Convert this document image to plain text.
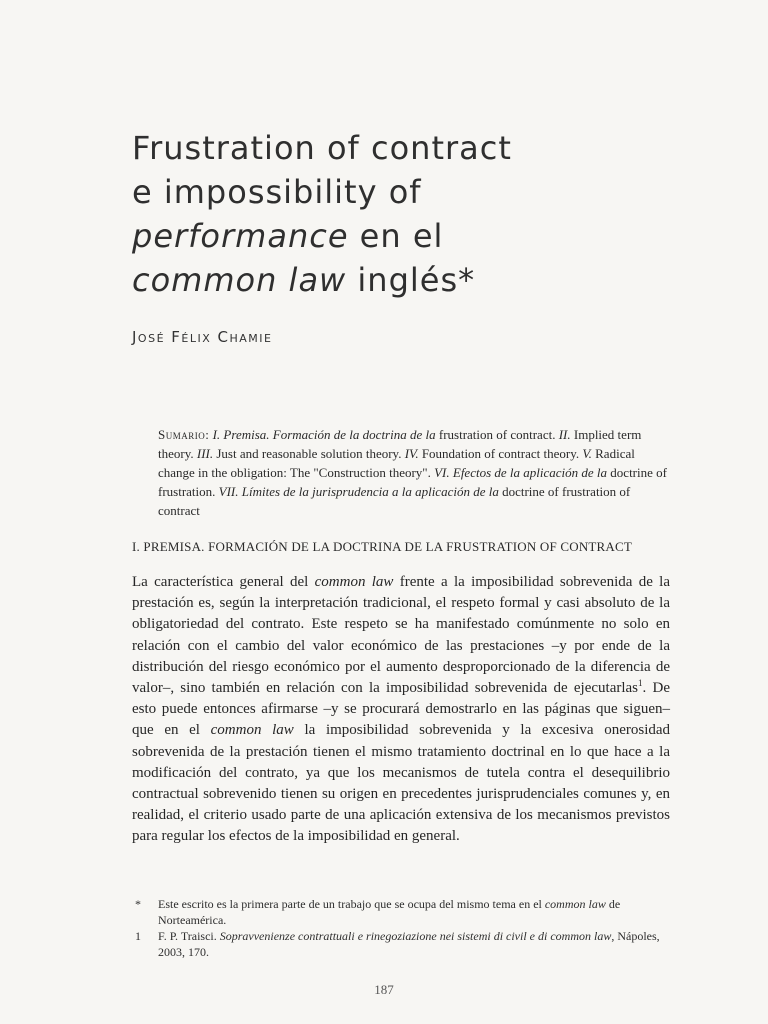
Frustration of contract
e impossibility of
performance en el
common law inglés*
José Félix Chamie

Sumario: I. Premisa. Formación de la doctrina de la frustration of contract. II. Implied term theory. III. Just and reasonable solution theory. IV. Foundation of contract theory. V. Radical change in the obligation: The "Construction theory". VI. Efectos de la aplicación de la doctrine of frustration. VII. Límites de la jurisprudencia a la aplicación de la doctrine of frustration of contract

I. PREMISA. FORMACIÓN DE LA DOCTRINA DE LA FRUSTRATION OF CONTRACT

La característica general del common law frente a la imposibilidad sobrevenida de la prestación es, según la interpretación tradicional, el respeto formal y casi absoluto de la obligatoriedad del contrato. Este respeto se ha manifestado comúnmente no solo en relación con el cambio del valor económico de las prestaciones –y por ende de la distribución del riesgo económico por el aumento desproporcionado de la diferencia de valor–, sino también en relación con la imposibilidad sobrevenida de ejecutarlas$^1$. De esto puede entonces afirmarse –y se procurará demostrarlo en las páginas que siguen– que en el common law la imposibilidad sobrevenida y la excesiva onerosidad sobrevenida de la prestación tienen el mismo tratamiento doctrinal en lo que hace a la modificación del contrato, ya que los mecanismos de tutela contra el desequilibrio contractual sobrevenido tienen su origen en precedentes jurisprudenciales comunes y, en realidad, el criterio usado parte de una aplicación extensiva de los mecanismos previstos para regular los efectos de la imposibilidad en general.

* Este escrito es la primera parte de un trabajo que se ocupa del mismo tema en el common law de Norteamérica.
1 F. P. Traisci. Sopravvenienze contrattuali e rinegoziazione nei sistemi di civil e di common law, Nápoles, 2003, 170.
187
